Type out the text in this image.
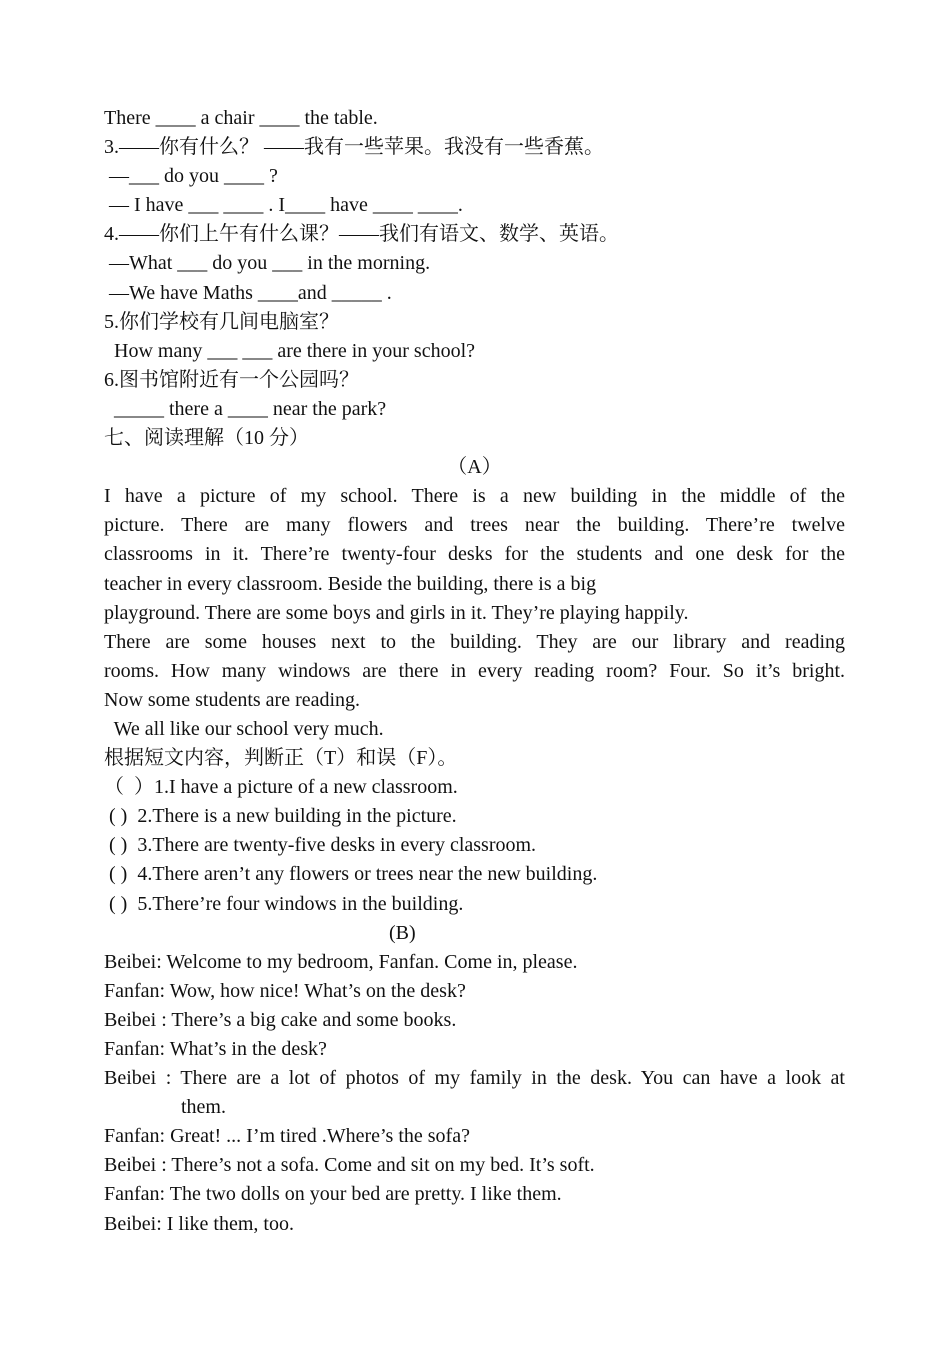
There ____ a chair ____ the table.
3.——你有什么？ ——我有一些苹果。我没有一些香蕉。
—___ do you ____ ?
— I have ___ ____ . I____ have ____ ____.
4.——你们上午有什么课？——我们有语文、数学、英语。
—What ___ do you ___ in the morning.
—We have Maths ____and _____ .
5.你们学校有几间电脑室？
How many ___ ___ are there in your school?
6.图书馆附近有一个公园吗？
_____ there a ____ near the park?
七、阅读理解（10 分）
（A）
I have a picture of my school. There is a new building in the middle of the
picture. There are many flowers and trees near the building. There’re twelve
classrooms in it. There’re twenty-four desks for the students and one desk for the
teacher in every classroom. Beside the building, there is a big
playground. There are some boys and girls in it. They’re playing happily.
There are some houses next to the building. They are our library and reading
rooms. How many windows are there in every reading room? Four. So it’s bright.
Now some students are reading.
We all like our school very much.
根据短文内容，判断正（T）和误（F）。
（  ）1.I have a picture of a new classroom.
( )  2.There is a new building in the picture.
( )  3.There are twenty-five desks in every classroom.
( )  4.There aren’t any flowers or trees near the new building.
( )  5.There’re four windows in the building.
(B)
Beibei: Welcome to my bedroom, Fanfan. Come in, please.
Fanfan: Wow, how nice! What’s on the desk?
Beibei : There’s a big cake and some books.
Fanfan: What’s in the desk?
Beibei : There are a lot of photos of my family in the desk. You can have a look at
them.
Fanfan: Great! ... I’m tired .Where’s the sofa?
Beibei : There’s not a sofa. Come and sit on my bed. It’s soft.
Fanfan: The two dolls on your bed are pretty. I like them.
Beibei: I like them, too.
